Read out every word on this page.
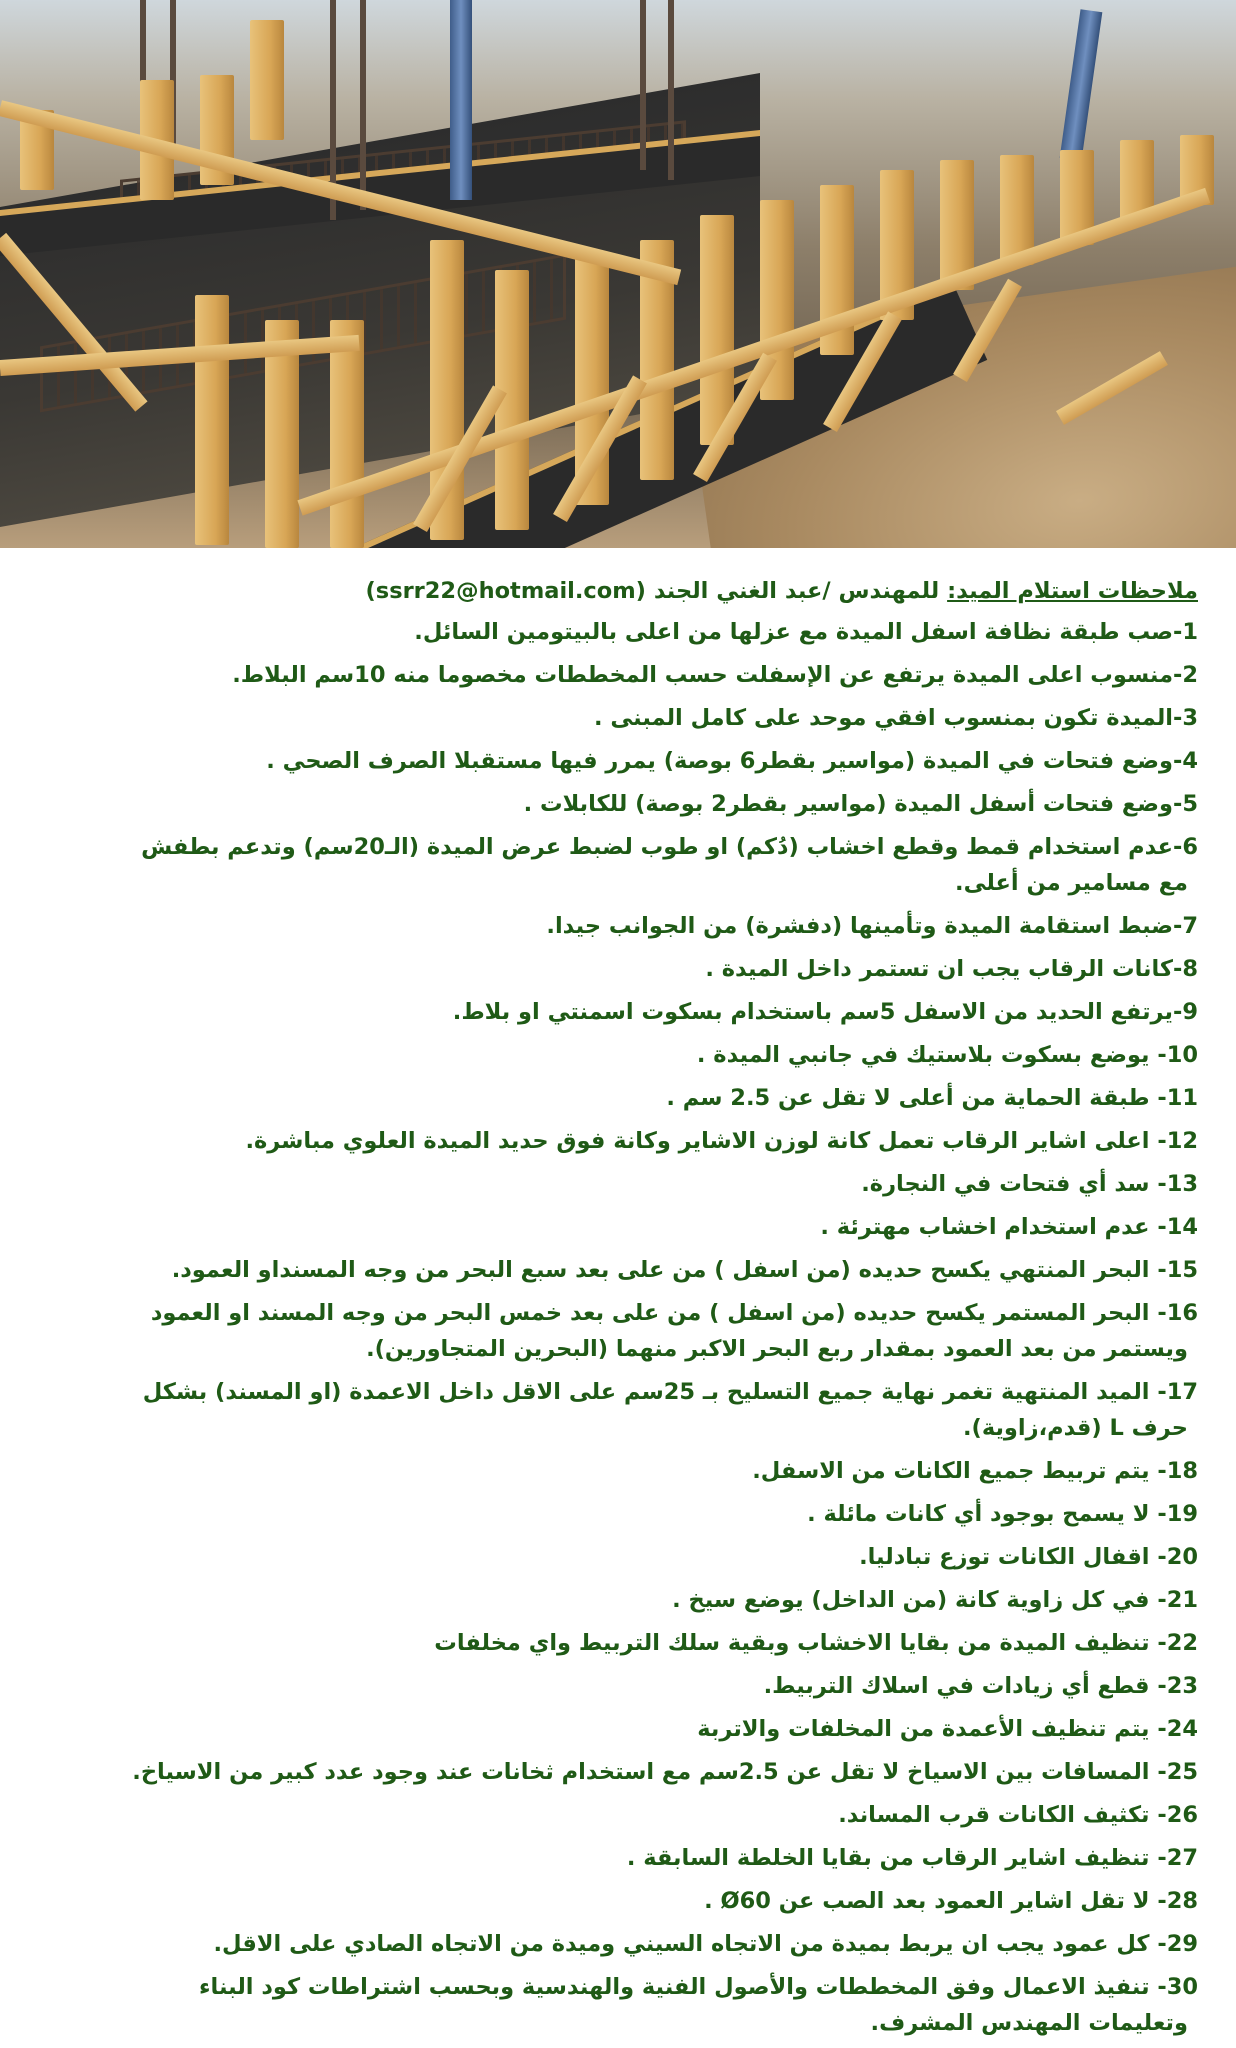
ملاحظات استلام الميد: للمهندس /عبد الغني الجند (ssrr22@hotmail.com)
1-صب طبقة نظافة اسفل الميدة مع عزلها من اعلى بالبيتومين السائل.
2-منسوب اعلى الميدة يرتفع عن الإسفلت حسب المخططات مخصوما منه 10سم البلاط.
3-الميدة تكون بمنسوب افقي موحد على كامل المبنى .
4-وضع فتحات في الميدة (مواسير بقطر6 بوصة) يمرر فيها مستقبلا الصرف الصحي .
5-وضع فتحات أسفل الميدة (مواسير بقطر2 بوصة) للكابلات .
6-عدم استخدام قمط وقطع اخشاب (دُكم) او طوب لضبط عرض الميدة (الـ20سم) وتدعم بطفش
مع مسامير من أعلى.
7-ضبط استقامة الميدة وتأمينها (دفشرة) من الجوانب جيدا.
8-كانات الرقاب يجب ان تستمر داخل الميدة .
9-يرتفع الحديد من الاسفل 5سم باستخدام بسكوت اسمنتي او بلاط.
10- يوضع بسكوت بلاستيك في جانبي الميدة .
11- طبقة الحماية من أعلى لا تقل عن 2.5 سم .
12- اعلى اشاير الرقاب تعمل كانة لوزن الاشاير وكانة فوق حديد الميدة العلوي مباشرة.
13- سد أي فتحات في النجارة.
14- عدم استخدام اخشاب مهترئة .
15- البحر المنتهي يكسح حديده (من اسفل ) من على بعد سبع البحر من وجه المسنداو العمود.
16- البحر المستمر يكسح حديده (من اسفل ) من على بعد خمس البحر من وجه المسند او العمود
ويستمر من بعد العمود بمقدار ربع البحر الاكبر منهما (البحرين المتجاورين).
17- الميد المنتهية تغمر نهاية جميع التسليح بـ 25سم على الاقل داخل الاعمدة (او المسند) بشكل
حرف L (قدم،زاوية).
18- يتم تربيط جميع الكانات من الاسفل.
19- لا يسمح بوجود أي كانات مائلة .
20- اقفال الكانات توزع تبادليا.
21- في كل زاوية كانة (من الداخل) يوضع سيخ .
22- تنظيف الميدة من بقايا الاخشاب وبقية سلك التربيط واي مخلفات
23- قطع أي زيادات في اسلاك التربيط.
24- يتم تنظيف الأعمدة من المخلفات والاتربة
25- المسافات بين الاسياخ لا تقل عن 2.5سم مع استخدام ثخانات عند وجود عدد كبير من الاسياخ.
26- تكثيف الكانات قرب المساند.
27- تنظيف اشاير الرقاب من بقايا الخلطة السابقة .
28- لا تقل اشاير العمود بعد الصب عن Ø60 .
29- كل عمود يجب ان يربط بميدة من الاتجاه السيني وميدة من الاتجاه الصادي على الاقل.
30- تنفيذ الاعمال وفق المخططات والأصول الفنية والهندسية وبحسب اشتراطات كود البناء
وتعليمات المهندس المشرف.
